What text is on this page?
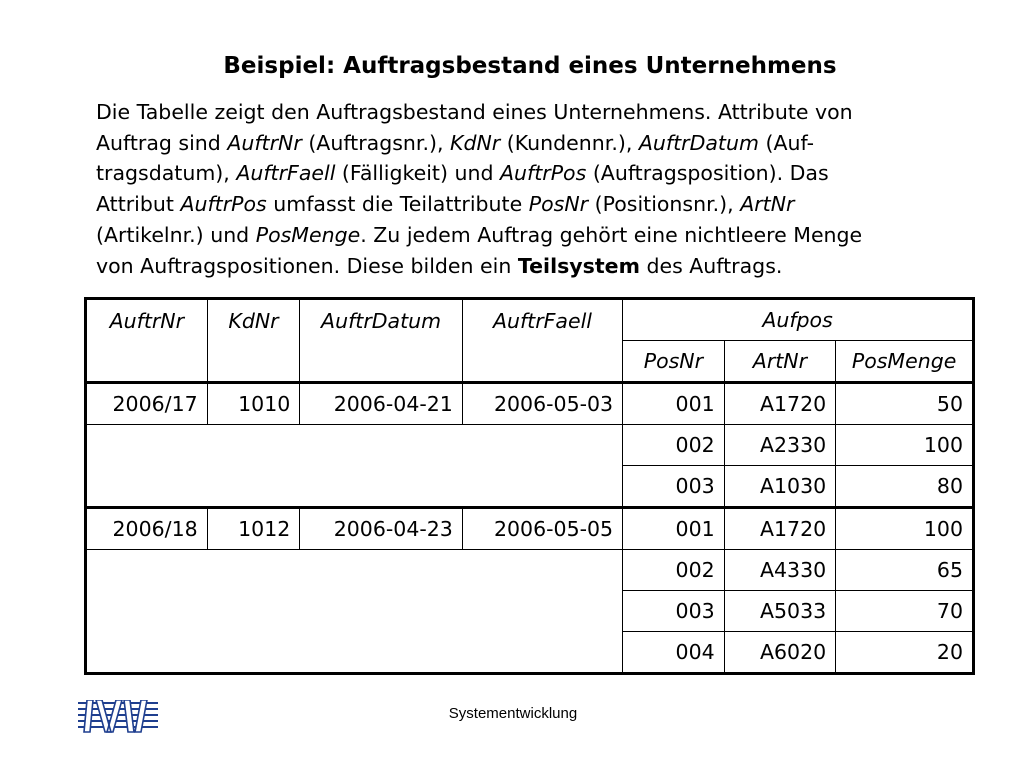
Beispiel: Auftragsbestand eines Unternehmens
Die Tabelle zeigt den Auftragsbestand eines Unternehmens. Attribute von
Auftrag sind AuftrNr (Auftragsnr.), KdNr (Kundennr.), AuftrDatum (Auf-
tragsdatum), AuftrFaell (Fälligkeit) und AuftrPos (Auftragsposition). Das
Attribut AuftrPos umfasst die Teilattribute PosNr (Positionsnr.), ArtNr
(Artikelnr.) und PosMenge. Zu jedem Auftrag gehört eine nichtleere Menge
von Auftragspositionen. Diese bilden ein Teilsystem des Auftrags.
AuftrNr	KdNr	AuftrDatum	AuftrFaell	Aufpos		
				PosNr	ArtNr	PosMenge
2006/17	1010	2006-04-21	2006-05-03	001	A1720	50
				002	A2330	100
				003	A1030	80
2006/18	1012	2006-04-23	2006-05-05	001	A1720	100
				002	A4330	65
				003	A5033	70
				004	A6020	20
Systementwicklung
